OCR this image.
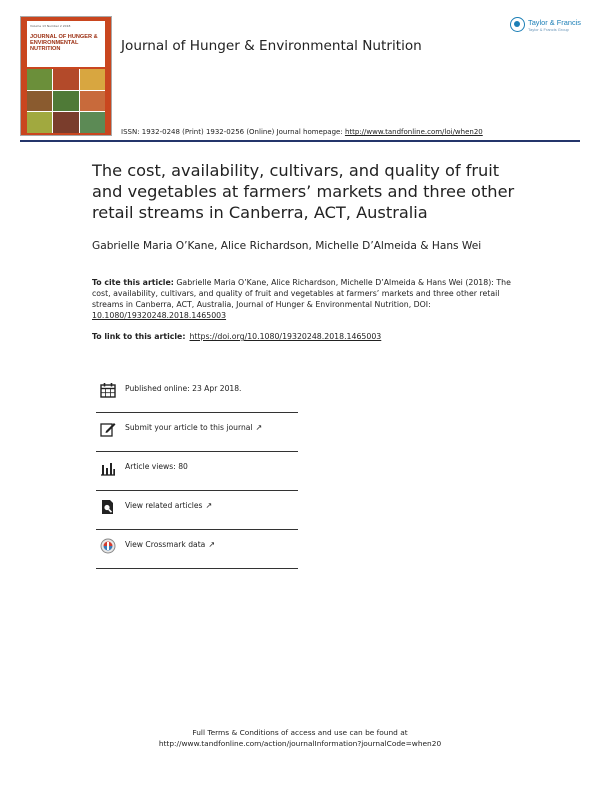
Volume 13 Number 2 2018
JOURNAL OF HUNGER & ENVIRONMENTAL NUTRITION	Journal of Hunger & Environmental Nutrition
Taylor & Francis
Taylor & Francis Group
ISSN: 1932-0248 (Print) 1932-0256 (Online) Journal homepage: http://www.tandfonline.com/loi/when20
The cost, availability, cultivars, and quality of fruit and vegetables at farmers’ markets and three other retail streams in Canberra, ACT, Australia
Gabrielle Maria O’Kane, Alice Richardson, Michelle D’Almeida & Hans Wei
To cite this article: Gabrielle Maria O’Kane, Alice Richardson, Michelle D’Almeida & Hans Wei (2018): The cost, availability, cultivars, and quality of fruit and vegetables at farmers’ markets and three other retail streams in Canberra, ACT, Australia, Journal of Hunger & Environmental Nutrition, DOI: 10.1080/19320248.2018.1465003
To link to this article: https://doi.org/10.1080/19320248.2018.1465003
Published online: 23 Apr 2018.
Submit your article to this journal ↗
Article views: 80
View related articles ↗
View Crossmark data ↗
Full Terms & Conditions of access and use can be found at
http://www.tandfonline.com/action/journalInformation?journalCode=when20
